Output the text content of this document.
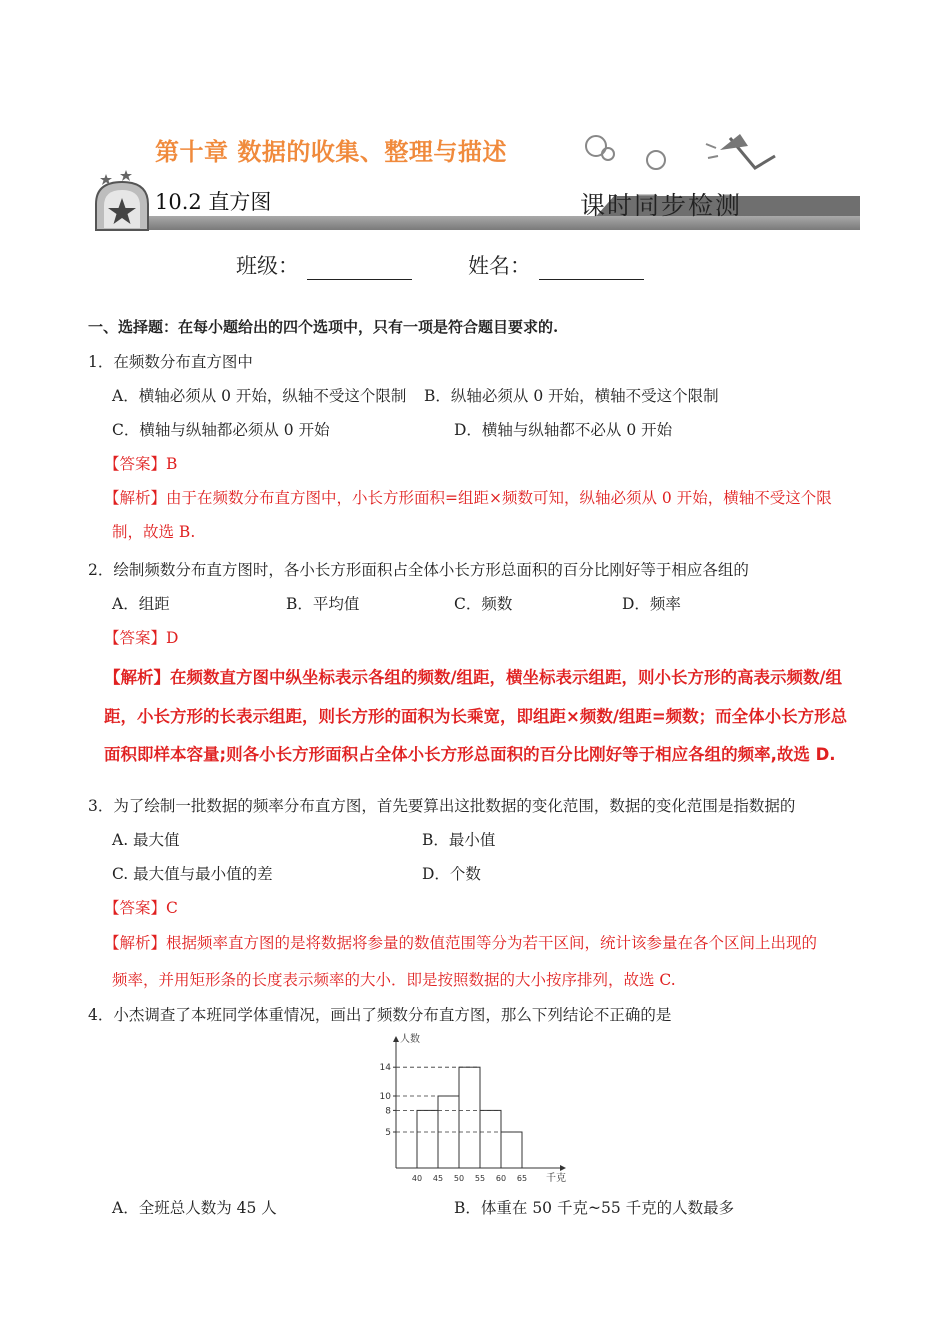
第十章 数据的收集、整理与描述
10.2 直方图	课时同步检测
班级：	姓名：
一、选择题：在每小题给出的四个选项中，只有一项是符合题目要求的.
1．在频数分布直方图中
A．横轴必须从 0 开始，纵轴不受这个限制 B．纵轴必须从 0 开始，横轴不受这个限制
C．横轴与纵轴都必须从 0 开始	D．横轴与纵轴都不必从 0 开始
【答案】B
【解析】由于在频数分布直方图中，小长方形面积=组距×频数可知，纵轴必须从 0 开始，横轴不受这个限
制，故选 B.
2．绘制频数分布直方图时，各小长方形面积占全体小长方形总面积的百分比刚好等于相应各组的
A．组距	B．平均值	C．频数	D．频率
【答案】D
【解析】在频数直方图中纵坐标表示各组的频数/组距，横坐标表示组距，则小长方形的高表示频数/组
距，小长方形的长表示组距，则长方形的面积为长乘宽，即组距×频数/组距=频数；而全体小长方形总
面积即样本容量;则各小长方形面积占全体小长方形总面积的百分比刚好等于相应各组的频率,故选 D.
3．为了绘制一批数据的频率分布直方图，首先要算出这批数据的变化范围，数据的变化范围是指数据的
A. 最大值	B．最小值
C. 最大值与最小值的差	D．个数
【答案】C
【解析】根据频率直方图的是将数据将参量的数值范围等分为若干区间，统计该参量在各个区间上出现的
频率，并用矩形条的长度表示频率的大小．即是按照数据的大小按序排列，故选 C.
4．小杰调查了本班同学体重情况，画出了频数分布直方图，那么下列结论不正确的是
人数
千克
40 45 50 55 60 65
5
8
10
14
A．全班总人数为 45 人	B．体重在 50 千克~55 千克的人数最多
